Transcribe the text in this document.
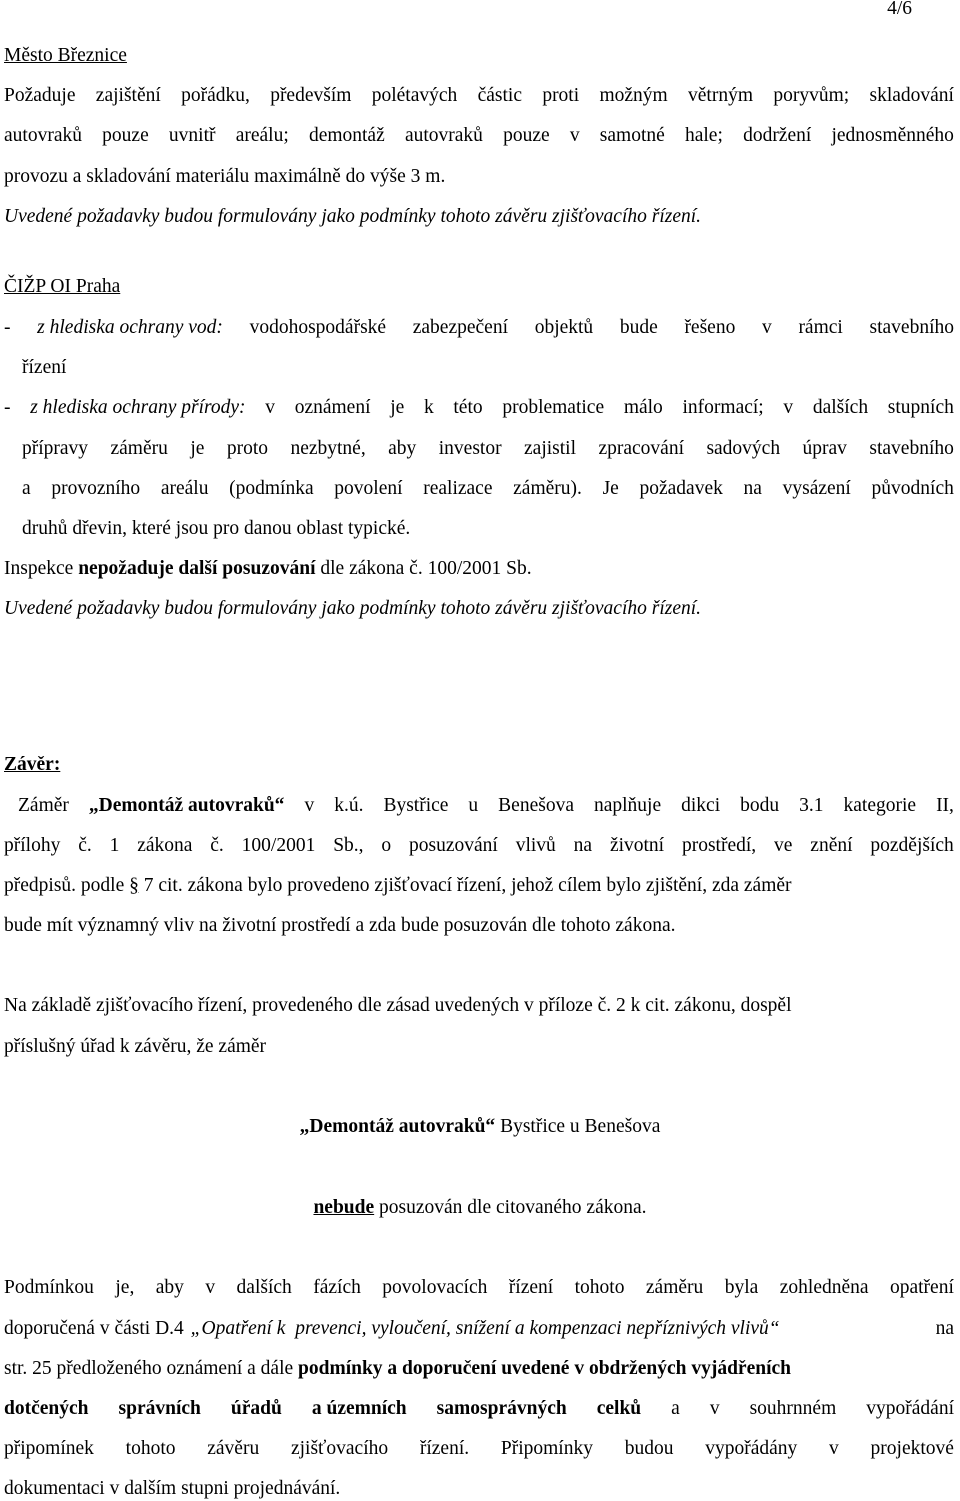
4/6
Město Březnice
Požaduje zajištění pořádku, především polétavých částic proti možným větrným poryvům; skladování
autovraků pouze uvnitř areálu; demontáž autovraků pouze v samotné hale; dodržení jednosměnného
provozu a skladování materiálu maximálně do výše 3 m.
Uvedené požadavky budou formulovány jako podmínky tohoto závěru zjišťovacího řízení.
ČIŽP OI Praha
- z hlediska ochrany vod: vodohospodářské zabezpečení objektů bude řešeno v rámci stavebního
řízení
- z hlediska ochrany přírody: v oznámení je k této problematice málo informací; v dalších stupních
přípravy záměru je proto nezbytné, aby investor zajistil zpracování sadových úprav stavebního
a provozního areálu (podmínka povolení realizace záměru). Je požadavek na vysázení původních
druhů dřevin, které jsou pro danou oblast typické.
Inspekce nepožaduje další posuzování dle zákona č. 100/2001 Sb.
Uvedené požadavky budou formulovány jako podmínky tohoto závěru zjišťovacího řízení.
Závěr:
Záměr „Demontáž autovraků“ v k.ú. Bystřice u Benešova naplňuje dikci bodu 3.1 kategorie II,
přílohy č. 1 zákona č. 100/2001 Sb., o posuzování vlivů na životní prostředí, ve znění pozdějších
předpisů. podle § 7 cit. zákona bylo provedeno zjišťovací řízení, jehož cílem bylo zjištění, zda záměr
bude mít významný vliv na životní prostředí a zda bude posuzován dle tohoto zákona.
Na základě zjišťovacího řízení, provedeného dle zásad uvedených v příloze č. 2 k cit. zákonu, dospěl
příslušný úřad k závěru, že záměr
„Demontáž autovraků“ Bystřice u Benešova
nebude posuzován dle citovaného zákona.
Podmínkou je, aby v dalších fázích povolovacích řízení tohoto záměru byla zohledněna opatření
doporučená v části D.4 „Opatření k  prevenci, vyloučení, snížení a kompenzaci nepříznivých vlivů“	na
str. 25 předloženého oznámení a dále podmínky a doporučení uvedené v obdržených vyjádřeních
dotčených správních úřadů a územních samosprávných celků a v souhrnném vypořádání
připomínek tohoto závěru zjišťovacího řízení. Připomínky budou vypořádány v projektové
dokumentaci v dalším stupni projednávání.
